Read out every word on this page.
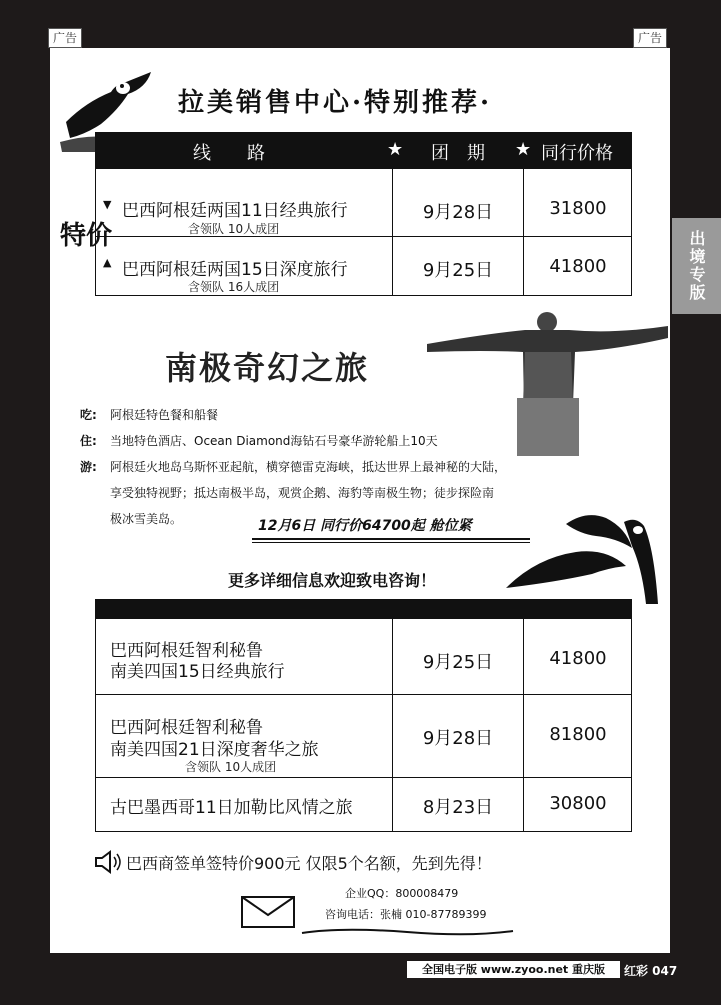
广告	广告
出境专版
拉美销售中心·特别推荐·
线　　路	★ 团　期 ★ 同行价格
特价
▼ 巴西阿根廷两国11日经典旅行
含领队 10人成团
9月28日	31800
▲ 巴西阿根廷两国15日深度旅行
含领队 16人成团
9月25日	41800
南极奇幻之旅
吃: 阿根廷特色餐和船餐
住: 当地特色酒店、Ocean Diamond海钻石号豪华游轮船上10天
游: 阿根廷火地岛乌斯怀亚起航，横穿德雷克海峡，抵达世界上最神秘的大陆，
享受独特视野；抵达南极半岛，观赏企鹅、海豹等南极生物；徒步探险南
极冰雪美岛。	12月6日 同行价64700起 舱位紧
更多详细信息欢迎致电咨询！
巴西阿根廷智利秘鲁
南美四国15日经典旅行	9月25日	41800
巴西阿根廷智利秘鲁
南美四国21日深度奢华之旅
含领队 10人成团
9月28日	81800
古巴墨西哥11日加勒比风情之旅	8月23日	30800
巴西商签单签特价900元 仅限5个名额，先到先得！
企业QQ：800008479
咨询电话：张楠 010-87789399
全国电子版 www.zyoo.net 重庆版	红彩 047
